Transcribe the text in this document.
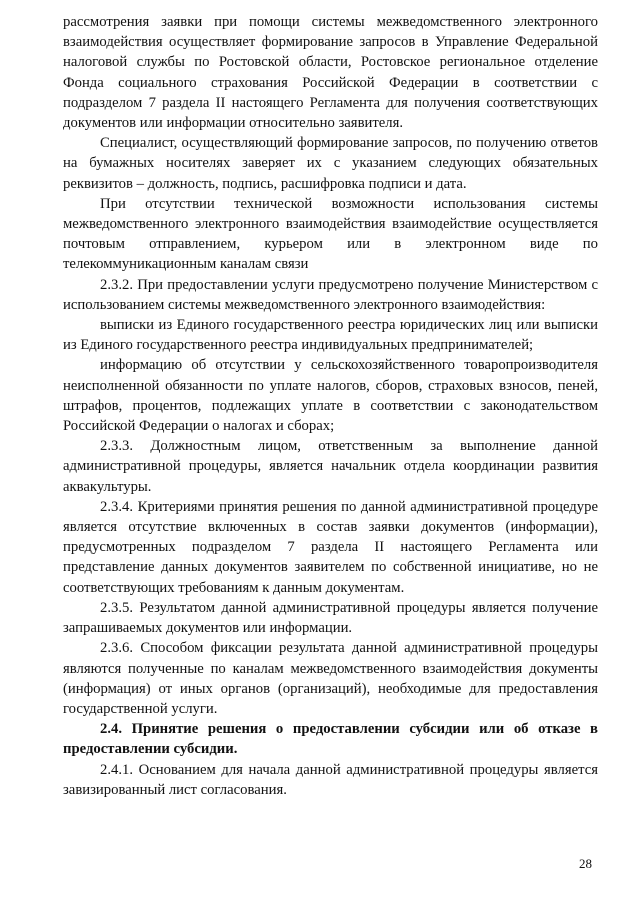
рассмотрения заявки при помощи системы межведомственного электронного взаимодействия осуществляет формирование запросов в Управление Федеральной налоговой службы по Ростовской области, Ростовское региональное отделение Фонда социального страхования Российской Федерации в соответствии с подразделом 7 раздела II настоящего Регламента для получения соответствующих документов или информации относительно заявителя.

Специалист, осуществляющий формирование запросов, по получению ответов на бумажных носителях заверяет их с указанием следующих обязательных реквизитов – должность, подпись, расшифровка подписи и дата.

При отсутствии технической возможности использования системы межведомственного электронного взаимодействия взаимодействие осуществляется почтовым отправлением, курьером или в электронном виде по телекоммуникационным каналам связи

2.3.2. При предоставлении услуги предусмотрено получение Министерством с использованием системы межведомственного электронного взаимодействия:

выписки из Единого государственного реестра юридических лиц или выписки из Единого государственного реестра индивидуальных предпринимателей;

информацию об отсутствии у сельскохозяйственного товаропроизводителя неисполненной обязанности по уплате налогов, сборов, страховых взносов, пеней, штрафов, процентов, подлежащих уплате в соответствии с законодательством Российской Федерации о налогах и сборах;

2.3.3. Должностным лицом, ответственным за выполнение данной административной процедуры, является начальник отдела координации развития аквакультуры.

2.3.4. Критериями принятия решения по данной административной процедуре является отсутствие включенных в состав заявки документов (информации), предусмотренных подразделом 7 раздела II настоящего Регламента или представление данных документов заявителем по собственной инициативе, но не соответствующих требованиям к данным документам.

2.3.5. Результатом данной административной процедуры является получение запрашиваемых документов или информации.

2.3.6. Способом фиксации результата данной административной процедуры являются полученные по каналам межведомственного взаимодействия документы (информация) от иных органов (организаций), необходимые для предоставления государственной услуги.

2.4. Принятие решения о предоставлении субсидии или об отказе в предоставлении субсидии.

2.4.1. Основанием для начала данной административной процедуры является завизированный лист согласования.

28
